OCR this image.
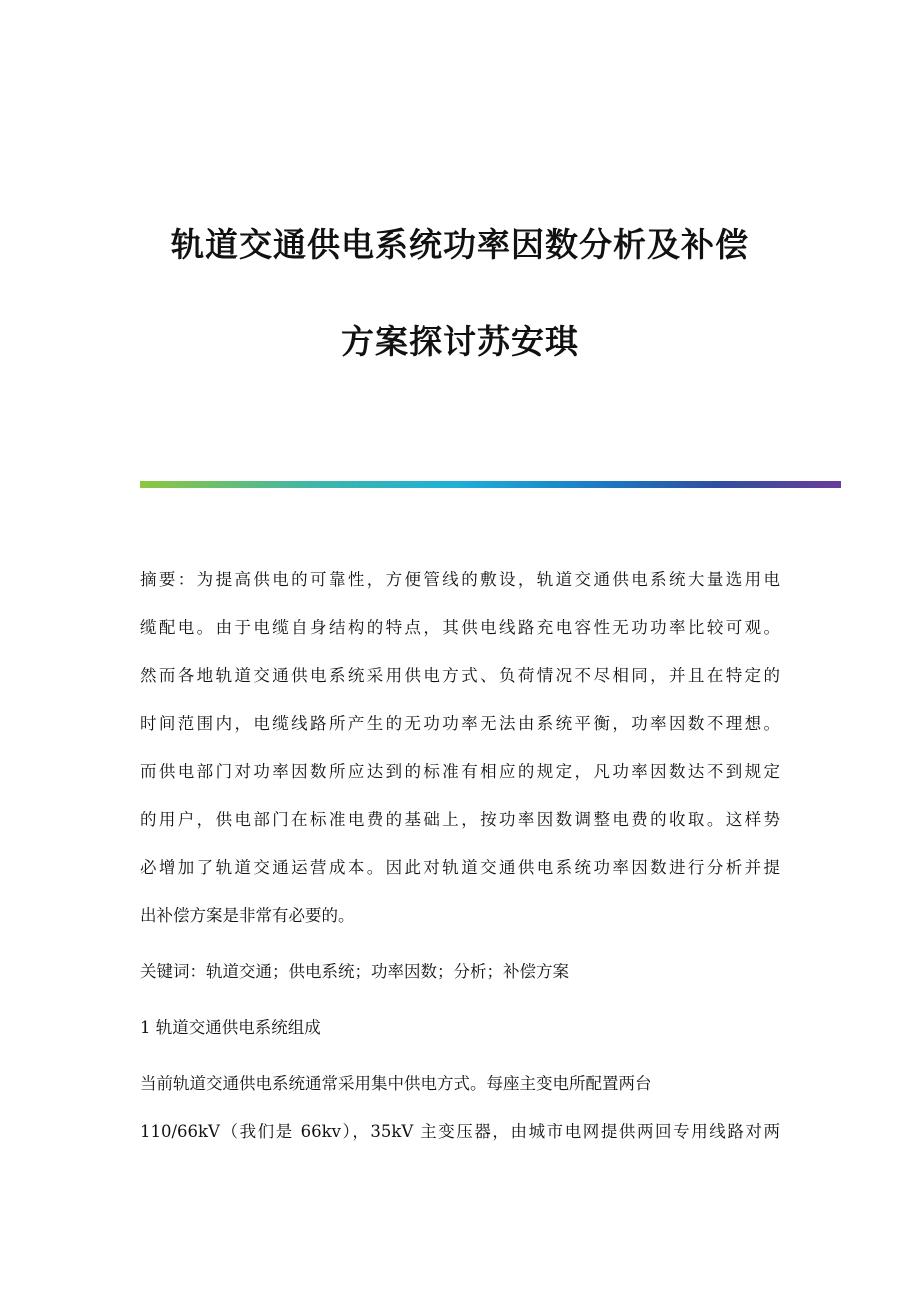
轨道交通供电系统功率因数分析及补偿
方案探讨苏安琪
摘要：为提高供电的可靠性，方便管线的敷设，轨道交通供电系统大量选用电
缆配电。由于电缆自身结构的特点，其供电线路充电容性无功功率比较可观。
然而各地轨道交通供电系统采用供电方式、负荷情况不尽相同，并且在特定的
时间范围内，电缆线路所产生的无功功率无法由系统平衡，功率因数不理想。
而供电部门对功率因数所应达到的标准有相应的规定，凡功率因数达不到规定
的用户，供电部门在标准电费的基础上，按功率因数调整电费的收取。这样势
必增加了轨道交通运营成本。因此对轨道交通供电系统功率因数进行分析并提
出补偿方案是非常有必要的。
关键词：轨道交通；供电系统；功率因数；分析；补偿方案
1 轨道交通供电系统组成
当前轨道交通供电系统通常采用集中供电方式。每座主变电所配置两台
110/66kV（我们是 66kv），35kV 主变压器，由城市电网提供两回专用线路对两
